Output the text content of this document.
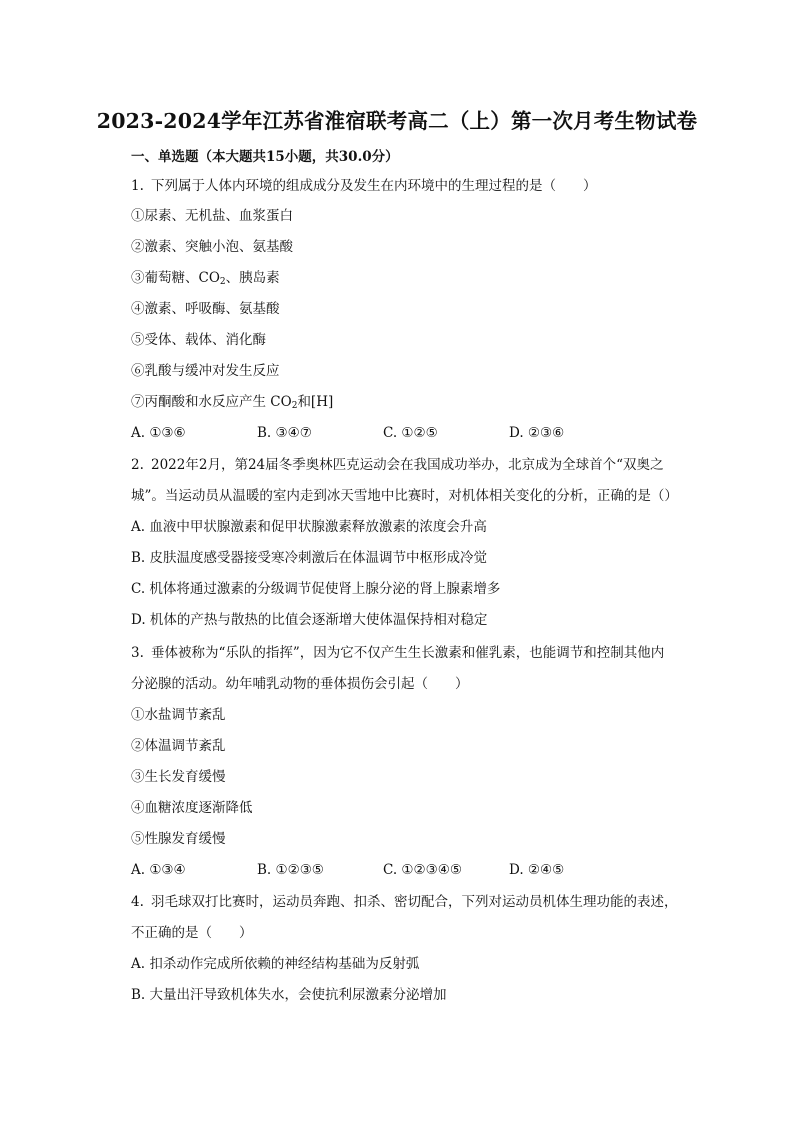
2023-2024学年江苏省淮宿联考高二（上）第一次月考生物试卷
一、单选题（本大题共15小题，共30.0分）
1. 下列属于人体内环境的组成成分及发生在内环境中的生理过程的是（　　）
①尿素、无机盐、血浆蛋白
②激素、突触小泡、氨基酸
③葡萄糖、$CO_2$、胰岛素
④激素、呼吸酶、氨基酸
⑤受体、载体、消化酶
⑥乳酸与缓冲对发生反应
⑦丙酮酸和水反应产生 $CO_2$和[H]
A. ①③⑥	B. ③④⑦	C. ①②⑤	D. ②③⑥
2. 2022年2月，第24届冬季奥林匹克运动会在我国成功举办，北京成为全球首个“双奥之
城”。当运动员从温暖的室内走到冰天雪地中比赛时，对机体相关变化的分析，正确的是（）
A. 血液中甲状腺激素和促甲状腺激素释放激素的浓度会升高
B. 皮肤温度感受器接受寒冷刺激后在体温调节中枢形成冷觉
C. 机体将通过激素的分级调节促使肾上腺分泌的肾上腺素增多
D. 机体的产热与散热的比值会逐渐增大使体温保持相对稳定
3. 垂体被称为“乐队的指挥”，因为它不仅产生生长激素和催乳素，也能调节和控制其他内
分泌腺的活动。幼年哺乳动物的垂体损伤会引起（　　）
①水盐调节紊乱
②体温调节紊乱
③生长发育缓慢
④血糖浓度逐渐降低
⑤性腺发育缓慢
A. ①③④	B. ①②③⑤	C. ①②③④⑤	D. ②④⑤
4. 羽毛球双打比赛时，运动员奔跑、扣杀、密切配合，下列对运动员机体生理功能的表述，
不正确的是（　　）
A. 扣杀动作完成所依赖的神经结构基础为反射弧
B. 大量出汗导致机体失水，会使抗利尿激素分泌增加
